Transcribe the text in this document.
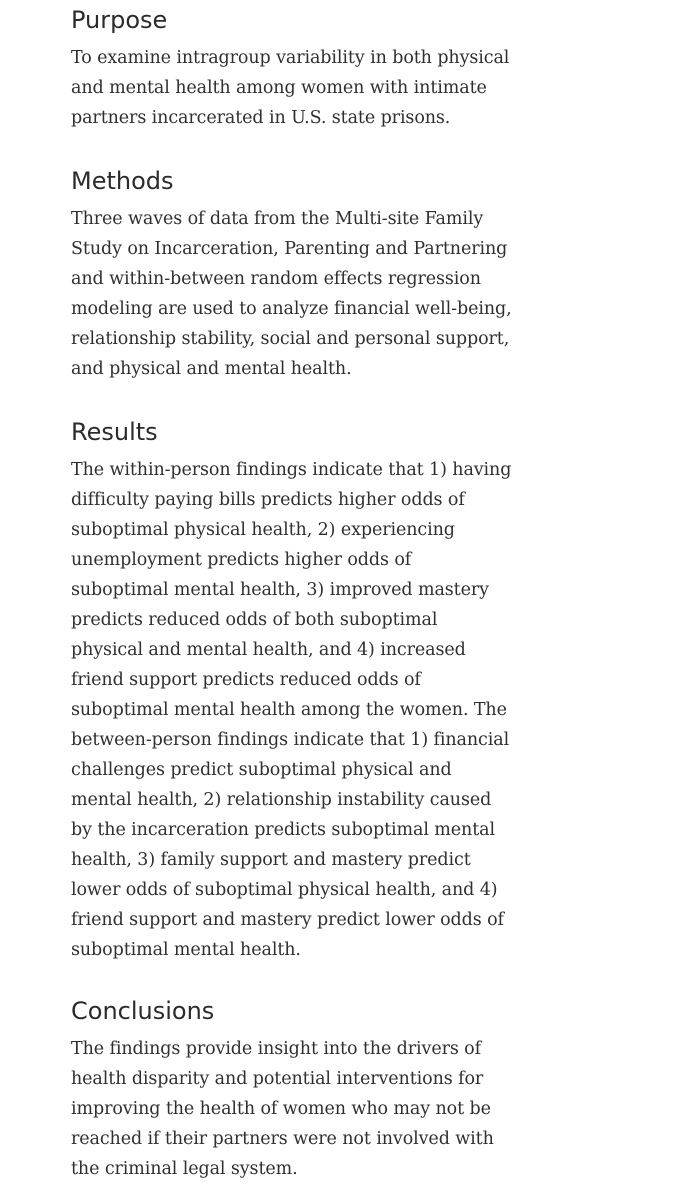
Purpose

To examine intragroup variability in both physical
and mental health among women with intimate
partners incarcerated in U.S. state prisons.

Methods

Three waves of data from the Multi-site Family
Study on Incarceration, Parenting and Partnering
and within-between random effects regression
modeling are used to analyze financial well-being,
relationship stability, social and personal support,
and physical and mental health.

Results

The within-person findings indicate that 1) having
difficulty paying bills predicts higher odds of
suboptimal physical health, 2) experiencing
unemployment predicts higher odds of
suboptimal mental health, 3) improved mastery
predicts reduced odds of both suboptimal
physical and mental health, and 4) increased
friend support predicts reduced odds of
suboptimal mental health among the women. The
between-person findings indicate that 1) financial
challenges predict suboptimal physical and
mental health, 2) relationship instability caused
by the incarceration predicts suboptimal mental
health, 3) family support and mastery predict
lower odds of suboptimal physical health, and 4)
friend support and mastery predict lower odds of
suboptimal mental health.

Conclusions

The findings provide insight into the drivers of
health disparity and potential interventions for
improving the health of women who may not be
reached if their partners were not involved with
the criminal legal system.
